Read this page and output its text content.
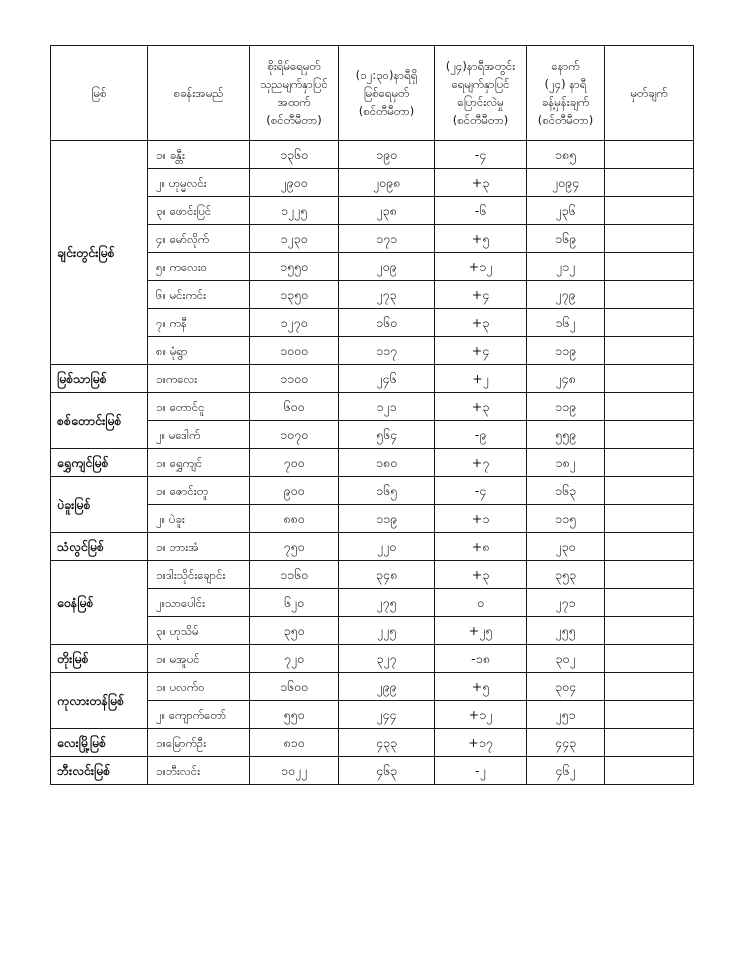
မြစ်	စခန်းအမည်	စိုးရိမ်ရေမှတ်
သုညမျက်နှာပြင်
အထက်
(စင်တီမီတာ)	(၁၂:၃၀)နာရီရှိ
မြစ်ရေမှတ်
(စင်တီမီတာ)	(၂၄)နာရီအတွင်း
ရေမျက်နှာပြင်
ပြောင်းလဲမှု
(စင်တီမီတာ)	နောက်
(၂၄) နာရီ
ခန့်မှန်းချက်
(စင်တီမီတာ)	မှတ်ချက်
ချင်းတွင်းမြစ်	၁။ ခန္တီး	၁၃၆၀	၁၉၀	-၄	၁၈၅	
	၂။ ဟုမ္မလင်း	၂၉၀၀	၂၀၉၈	+၃	၂၀၉၄	
	၃။ ဖောင်းပြင်	၁၂၂၅	၂၃၈	-၆	၂၃၆	
	၄။ မော်လိုက်	၁၂၃၀	၁၇၁	+၅	၁၆၉	
	၅။ ကလေးဝ	၁၅၅၀	၂၀၉	+၁၂	၂၁၂	
	၆။ မင်းကင်း	၁၃၅၀	၂၇၃	+၄	၂၇၉	
	၇။ ကနီ	၁၂၇၀	၁၆၀	+၃	၁၆၂	
	၈။ မုံရွာ	၁၀၀၀	၁၁၇	+၄	၁၁၉	
မြစ်သာမြစ်	၁။ကလေး	၁၁၀၀	၂၄၆	+၂	၂၄၈	
စစ်တောင်းမြစ်	၁။ တောင်ငူ	၆၀၀	၁၂၁	+၃	၁၁၉	
	၂။ မဒေါက်	၁၀၇၀	၅၆၄	-၉	၅၅၉	
ရွှေကျင်မြစ်	၁။ ရွှေကျင်	၇၀၀	၁၈၀	+၇	၁၈၂	
ပဲခူးမြစ်	၁။ ဇောင်းတူ	၉၀၀	၁၆၅	-၄	၁၆၃	
	၂။ ပဲခူး	၈၈၀	၁၁၉	+၁	၁၁၅	
သံလွင်မြစ်	၁။ ဘားအံ	၇၅၀	၂၂၀	+၈	၂၃၀	
ဝေနံမြစ်	၁။ဒါးသိုင်းချောင်း	၁၁၆၀	၃၄၈	+၃	၃၅၃	
	၂။သာပေါင်း	၆၂၀	၂၇၅	၀	၂၇၁	
	၃။ ဟုသိမ်	၃၅၀	၂၂၅	+၂၅	၂၅၅	
တိုးမြစ်	၁။ မအူပင်	၇၂၀	၃၂၇	-၁၈	၃၀၂	
ကုလားတန်မြစ်	၁။ ပလက်ဝ	၁၆၀၀	၂၉၉	+၅	၃၀၄	
	၂။ ကျောက်တော်	၅၅၀	၂၄၄	+၁၂	၂၅၁	
လေးမြို့မြစ်	၁။မြောက်ဦး	၈၁၀	၄၃၃	+၁၇	၄၄၃	
ဘီးလင်းမြစ်	၁။ဘီးလင်း	၁၀၂၂	၄၆၃	-၂	၄၆၂	
